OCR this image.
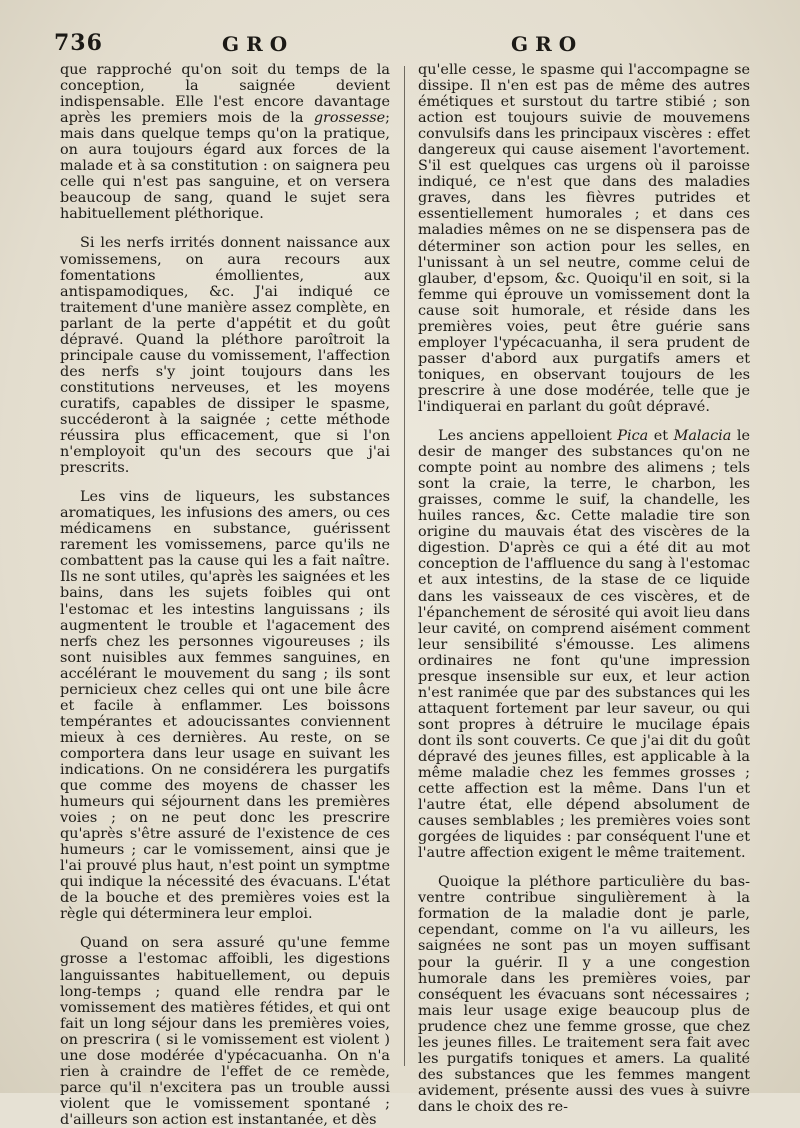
736	GRO	GRO

que rapproché qu'on soit du temps de la conception, la saignée devient indispensable. Elle l'est encore davantage après les premiers mois de la grossesse; mais dans quelque temps qu'on la pratique, on aura toujours égard aux forces de la malade et à sa constitution : on saignera peu celle qui n'est pas sanguine, et on versera beaucoup de sang, quand le sujet sera habituellement pléthorique.

Si les nerfs irrités donnent naissance aux vomissemens, on aura recours aux fomentations émollientes, aux antispamodiques, &c. J'ai indiqué ce traitement d'une manière assez complète, en parlant de la perte d'appétit et du goût dépravé. Quand la pléthore paroîtroit la principale cause du vomissement, l'affection des nerfs s'y joint toujours dans les constitutions nerveuses, et les moyens curatifs, capables de dissiper le spasme, succéderont à la saignée ; cette méthode réussira plus efficacement, que si l'on n'employoit qu'un des secours que j'ai prescrits.

Les vins de liqueurs, les substances aromatiques, les infusions des amers, ou ces médicamens en substance, guérissent rarement les vomissemens, parce qu'ils ne combattent pas la cause qui les a fait naître. Ils ne sont utiles, qu'après les saignées et les bains, dans les sujets foibles qui ont l'estomac et les intestins languissans ; ils augmentent le trouble et l'agacement des nerfs chez les personnes vigoureuses ; ils sont nuisibles aux femmes sanguines, en accélérant le mouvement du sang ; ils sont pernicieux chez celles qui ont une bile âcre et facile à enflammer. Les boissons tempérantes et adoucissantes conviennent mieux à ces dernières. Au reste, on se comportera dans leur usage en suivant les indications. On ne considérera les purgatifs que comme des moyens de chasser les humeurs qui séjournent dans les premières voies ; on ne peut donc les prescrire qu'après s'être assuré de l'existence de ces humeurs ; car le vomissement, ainsi que je l'ai prouvé plus haut, n'est point un symptme qui indique la nécessité des évacuans. L'état de la bouche et des premières voies est la règle qui déterminera leur emploi.

Quand on sera assuré qu'une femme grosse a l'estomac affoibli, les digestions languissantes habituellement, ou depuis long-temps ; quand elle rendra par le vomissement des matières fétides, et qui ont fait un long séjour dans les premières voies, on prescrira ( si le vomissement est violent ) une dose modérée d'ypécacuanha. On n'a rien à craindre de l'effet de ce remède, parce qu'il n'excitera pas un trouble aussi violent que le vomissement spontané ; d'ailleurs son action est instantanée, et dès

qu'elle cesse, le spasme qui l'accompagne se dissipe. Il n'en est pas de même des autres émétiques et surstout du tartre stibié ; son action est toujours suivie de mouvemens convulsifs dans les principaux viscères : effet dangereux qui cause aisement l'avortement. S'il est quelques cas urgens où il paroisse indiqué, ce n'est que dans des maladies graves, dans les fièvres putrides et essentiellement humorales ; et dans ces maladies mêmes on ne se dispensera pas de déterminer son action pour les selles, en l'unissant à un sel neutre, comme celui de glauber, d'epsom, &c. Quoiqu'il en soit, si la femme qui éprouve un vomissement dont la cause soit humorale, et réside dans les premières voies, peut être guérie sans employer l'ypécacuanha, il sera prudent de passer d'abord aux purgatifs amers et toniques, en observant toujours de les prescrire à une dose modérée, telle que je l'indiquerai en parlant du goût dépravé.

Les anciens appelloient Pica et Malacia le desir de manger des substances qu'on ne compte point au nombre des alimens ; tels sont la craie, la terre, le charbon, les graisses, comme le suif, la chandelle, les huiles rances, &c. Cette maladie tire son origine du mauvais état des viscères de la digestion. D'après ce qui a été dit au mot conception de l'affluence du sang à l'estomac et aux intestins, de la stase de ce liquide dans les vaisseaux de ces viscères, et de l'épanchement de sérosité qui avoit lieu dans leur cavité, on comprend aisément comment leur sensibilité s'émousse. Les alimens ordinaires ne font qu'une impression presque insensible sur eux, et leur action n'est ranimée que par des substances qui les attaquent fortement par leur saveur, ou qui sont propres à détruire le mucilage épais dont ils sont couverts. Ce que j'ai dit du goût dépravé des jeunes filles, est applicable à la même maladie chez les femmes grosses ; cette affection est la même. Dans l'un et l'autre état, elle dépend absolument de causes semblables ; les premières voies sont gorgées de liquides : par conséquent l'une et l'autre affection exigent le même traitement.

Quoique la pléthore particulière du bas-ventre contribue singulièrement à la formation de la maladie dont je parle, cependant, comme on l'a vu ailleurs, les saignées ne sont pas un moyen suffisant pour la guérir. Il y a une congestion humorale dans les premières voies, par conséquent les évacuans sont nécessaires ; mais leur usage exige beaucoup plus de prudence chez une femme grosse, que chez les jeunes filles. Le traitement sera fait avec les purgatifs toniques et amers. La qualité des substances que les femmes mangent avidement, présente aussi des vues à suivre dans le choix des re-
